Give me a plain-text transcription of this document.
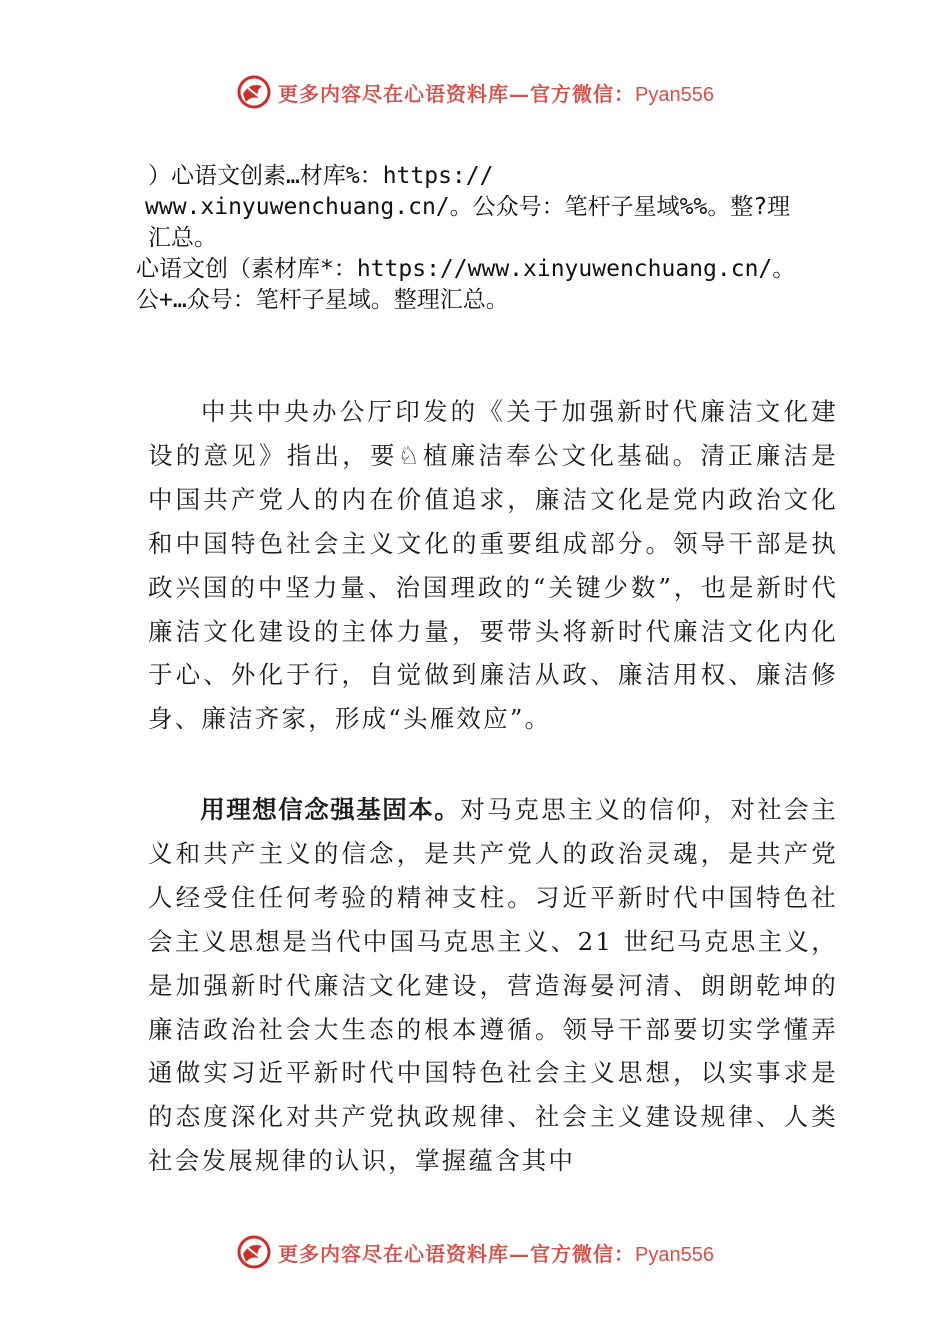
更多内容尽在心语资料库—官方微信：Pyan556

）心语文创素…材库%：https://

www.xinyuwenchuang.cn/。公众号：笔杆子星域%%。整?理

汇总。

心语文创（素材库*：https://www.xinyuwenchuang.cn/。

公+…众号：笔杆子星域。整理汇总。

中共中央办公厅印发的《关于加强新时代廉洁文化建设的意见》指出，要♘植廉洁奉公文化基础。清正廉洁是中国共产党人的内在价值追求，廉洁文化是党内政治文化和中国特色社会主义文化的重要组成部分。领导干部是执政兴国的中坚力量、治国理政的“关键少数”，也是新时代廉洁文化建设的主体力量，要带头将新时代廉洁文化内化于心、外化于行，自觉做到廉洁从政、廉洁用权、廉洁修身、廉洁齐家，形成“头雁效应”。

用理想信念强基固本。对马克思主义的信仰，对社会主义和共产主义的信念，是共产党人的政治灵魂，是共产党人经受住任何考验的精神支柱。习近平新时代中国特色社会主义思想是当代中国马克思主义、21 世纪马克思主义，是加强新时代廉洁文化建设，营造海晏河清、朗朗乾坤的廉洁政治社会大生态的根本遵循。领导干部要切实学懂弄通做实习近平新时代中国特色社会主义思想，以实事求是的态度深化对共产党执政规律、社会主义建设规律、人类社会发展规律的认识，掌握蕴含其中

更多内容尽在心语资料库—官方微信：Pyan556
